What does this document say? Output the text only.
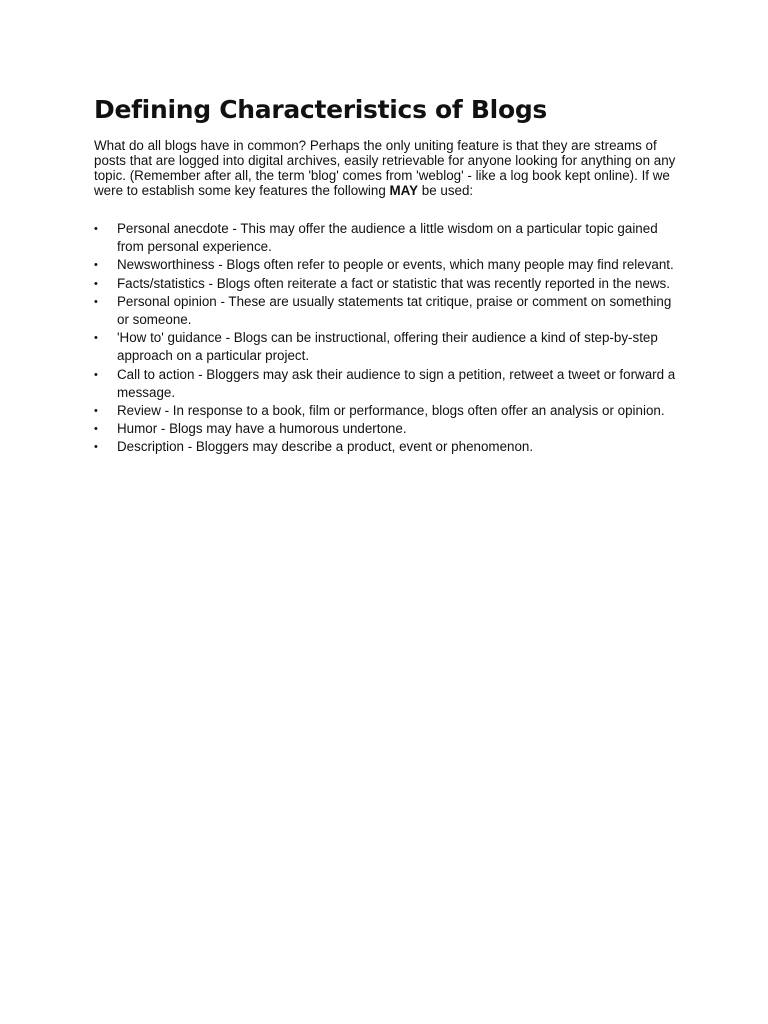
Defining Characteristics of Blogs

What do all blogs have in common? Perhaps the only uniting feature is that they are streams of posts that are logged into digital archives, easily retrievable for anyone looking for anything on any topic. (Remember after all, the term 'blog' comes from 'weblog' - like a log book kept online). If we were to establish some key features the following MAY be used:

• Personal anecdote - This may offer the audience a little wisdom on a particular topic gained from personal experience.
• Newsworthiness - Blogs often refer to people or events, which many people may find relevant.
• Facts/statistics - Blogs often reiterate a fact or statistic that was recently reported in the news.
• Personal opinion - These are usually statements tat critique, praise or comment on something or someone.
• 'How to' guidance - Blogs can be instructional, offering their audience a kind of step-by-step approach on a particular project.
• Call to action - Bloggers may ask their audience to sign a petition, retweet a tweet or forward a message.
• Review - In response to a book, film or performance, blogs often offer an analysis or opinion.
• Humor - Blogs may have a humorous undertone.
• Description - Bloggers may describe a product, event or phenomenon.
